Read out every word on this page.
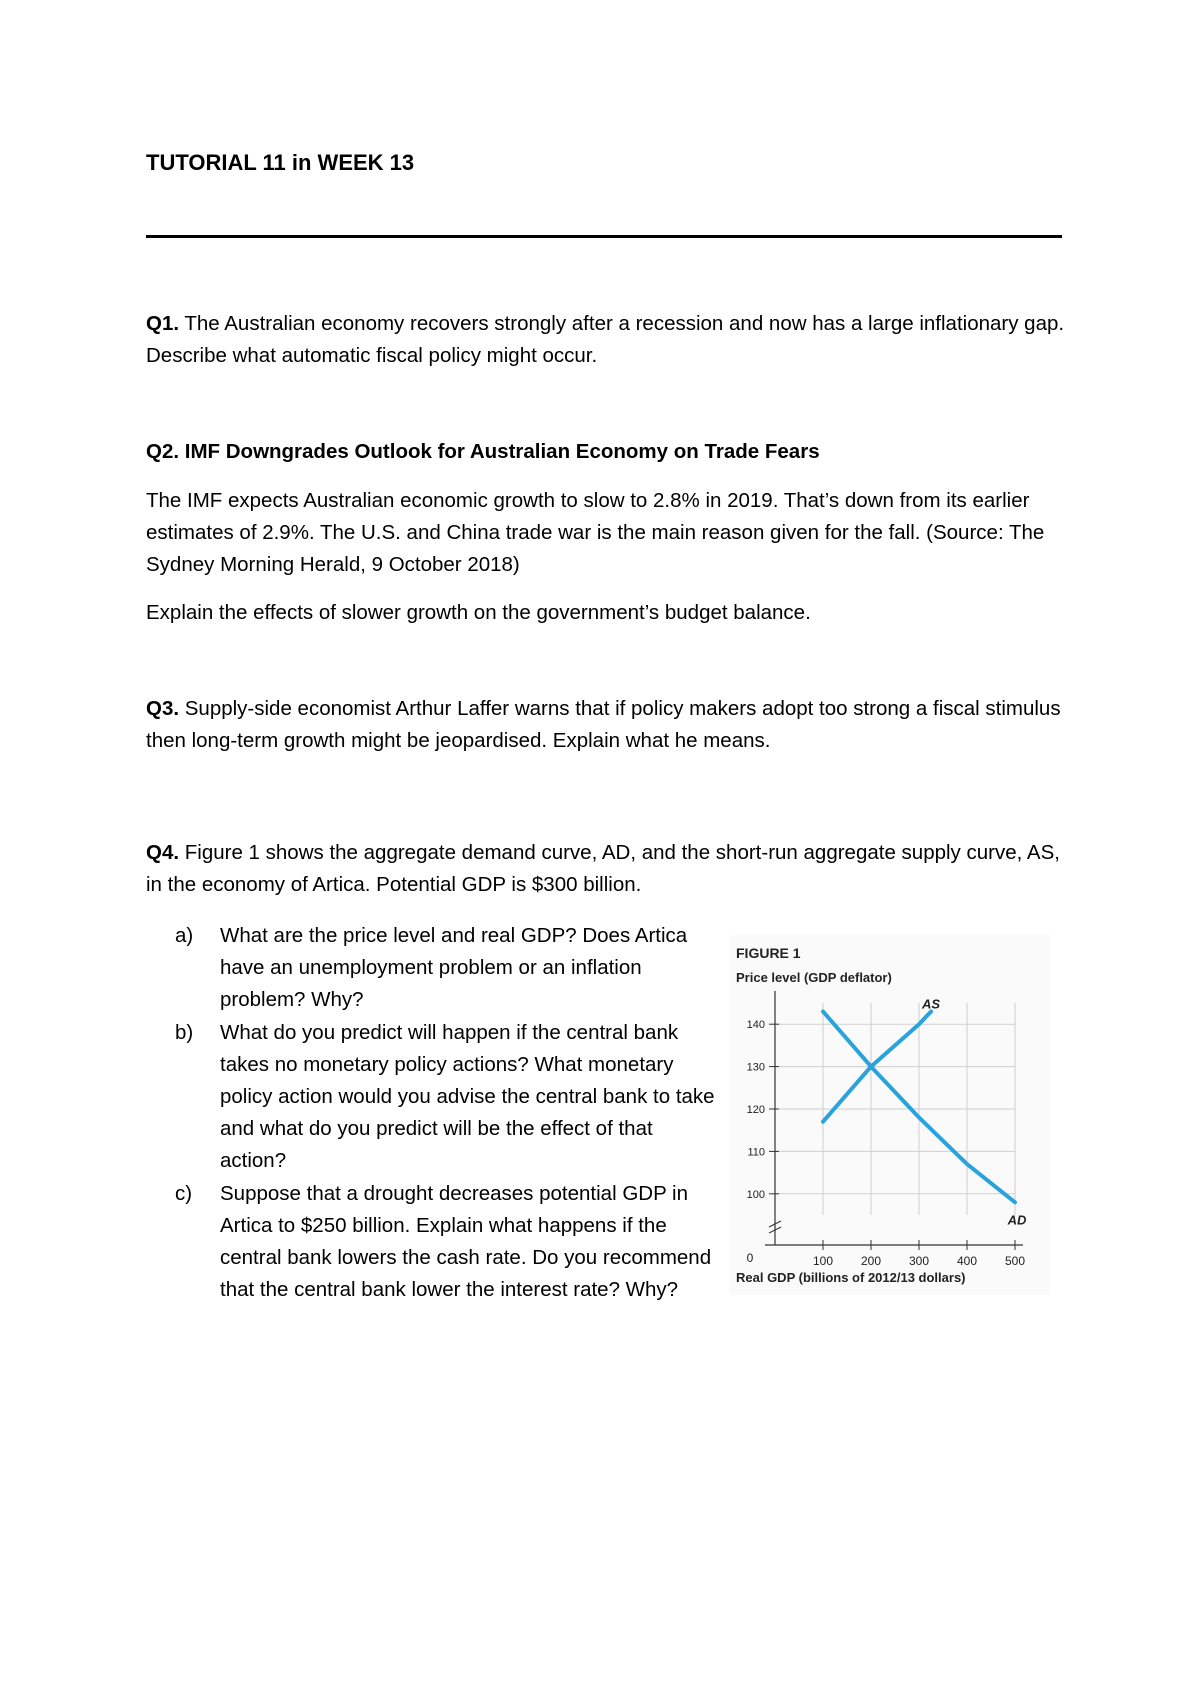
TUTORIAL 11 in WEEK 13

Q1. The Australian economy recovers strongly after a recession and now has a large inflationary gap. Describe what automatic fiscal policy might occur.

Q2. IMF Downgrades Outlook for Australian Economy on Trade Fears

The IMF expects Australian economic growth to slow to 2.8% in 2019. That’s down from its earlier estimates of 2.9%. The U.S. and China trade war is the main reason given for the fall. (Source: The Sydney Morning Herald, 9 October 2018)

Explain the effects of slower growth on the government’s budget balance.

Q3. Supply-side economist Arthur Laffer warns that if policy makers adopt too strong a fiscal stimulus then long-term growth might be jeopardised. Explain what he means.

Q4. Figure 1 shows the aggregate demand curve, AD, and the short-run aggregate supply curve, AS, in the economy of Artica. Potential GDP is $300 billion.

a) What are the price level and real GDP? Does Artica have an unemployment problem or an inflation problem? Why?
b) What do you predict will happen if the central bank takes no monetary policy actions? What monetary policy action would you advise the central bank to take and what do you predict will be the effect of that action?
c) Suppose that a drought decreases potential GDP in Artica to $250 billion. Explain what happens if the central bank lowers the cash rate. Do you recommend that the central bank lower the interest rate? Why?
FIGURE 1
Price level (GDP deflator)
Real GDP (billions of 2012/13 dollars)
0
100
110
120
130
140
100 200 300 400 500
AS
AD
